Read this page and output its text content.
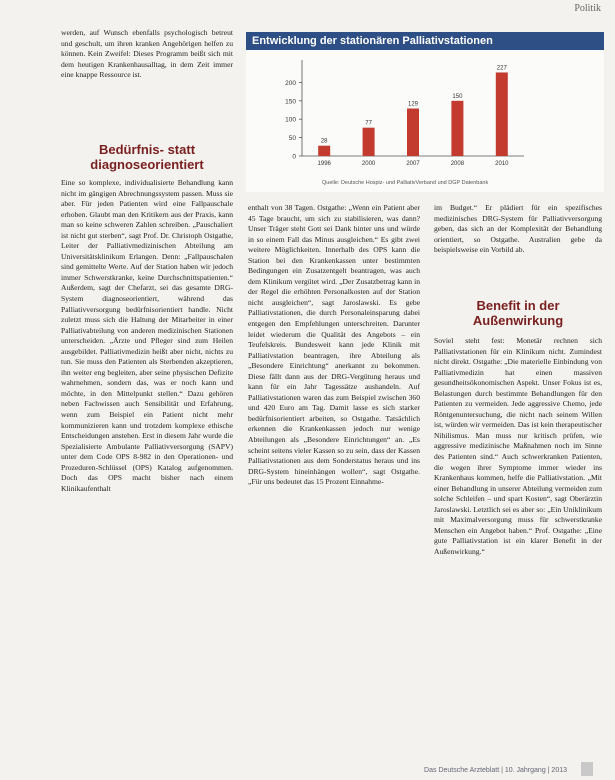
Politik

werden, auf Wunsch ebenfalls psychologisch betreut und geschult, um ihren kranken Angehörigen helfen zu können. Kein Zweifel: Dieses Programm beißt sich mit dem heutigen Krankenhausalltag, in dem Zeit immer eine knappe Ressource ist.

Bedürfnis- statt diagnoseorientiert

Eine so komplexe, individualisierte Behandlung kann nicht im gängigen Abrechnungssystem passen. Muss sie aber. Für jeden Patienten wird eine Fallpauschale erhoben. Glaubt man den Kritikern aus der Praxis, kann man so keine schweren Zahlen schreiben. „Pauschaliert ist nicht gut sterben“, sagt Prof. Dr. Christoph Ostgathe, Leiter der Palliativmedizinischen Abteilung am Universitätsklinikum Erlangen. Denn: „Fallpauschalen sind gemittelte Werte. Auf der Station haben wir jedoch immer Schwerstkranke, keine Durchschnittspatienten.“ Außerdem, sagt der Chefarzt, sei das gesamte DRG-System diagnoseorientiert, während das Palliativversorgung bedürfnisorientiert handle. Nicht zuletzt muss sich die Haltung der Mitarbeiter in einer Palliativabteilung von anderen medizinischen Stationen unterscheiden. „Ärzte und Pfleger sind zum Heilen ausgebildet. Palliativmedizin heißt aber nicht, nichts zu tun. Sie muss den Patienten als Sterbenden akzeptieren, ihn weiter eng begleiten, aber seine physischen Defizite wahrnehmen, sondern das, was er noch kann und möchte, in den Mittelpunkt stellen.“ Dazu gehören neben Fachwissen auch Sensibilität und Erfahrung, wenn zum Beispiel ein Patient nicht mehr kommunizieren kann und trotzdem komplexe ethische Entscheidungen anstehen. Erst in diesem Jahr wurde die Spezialisierte Ambulante Palliativversorgung (SAPV) unter dem Code OPS 8-982 in den Operationen- und Prozeduren-Schlüssel (OPS) Katalog aufgenommen. Doch das OPS macht bisher nach einem Klinikaufenthalt

Entwicklung der stationären Palliativstationen
0
50
100
150
200
28
1996
77
2000
129
2007
150
2008
227
2010
Quelle: Deutsche Hospiz- und PalliativVerband und DGP Datenbank

enthalt von 38 Tagen. Ostgathe: „Wenn ein Patient aber 45 Tage braucht, um sich zu stabilisieren, was dann? Unser Träger steht Gott sei Dank hinter uns und würde in so einem Fall das Minus ausgleichen.“ Es gibt zwei weitere Möglichkeiten. Innerhalb des OPS kann die Station bei den Krankenkassen unter bestimmten Bedingungen ein Zusatzentgelt beantragen, was auch dem Klinikum vergütet wird. „Der Zusatzbetrag kann in der Regel die erhöhten Personalkosten auf der Station nicht ausgleichen“, sagt Jaroslawski. Es gebe Palliativstationen, die durch Personaleinsparung dabei entgegen den Empfehlungen unterschreiten. Darunter leidet wiederum die Qualität des Angebots – ein Teufelskreis. Bundesweit kann jede Klinik mit Palliativstation beantragen, ihre Abteilung als „Besondere Einrichtung“ anerkannt zu bekommen. Diese fällt dann aus der DRG-Vergütung heraus und kann für ein Jahr Tagessätze aushandeln. Auf Palliativstationen waren das zum Beispiel zwischen 360 und 420 Euro am Tag. Damit lasse es sich starker bedürfnisorientiert arbeiten, so Ostgathe. Tatsächlich erkennen die Krankenkassen jedoch nur wenige Abteilungen als „Besondere Einrichtungen“ an. „Es scheint seitens vieler Kassen so zu sein, dass der Kassen Palliativstationen aus dem Sonderstatus heraus und ins DRG-System hineinhängen wollen“, sagt Ostgathe. „Für uns bedeutet das 15 Prozent Einnahme-

im Budget.“ Er plädiert für ein spezifisches medizinisches DRG-System für Palliativversorgung geben, das sich an der Komplexität der Behandlung orientiert, so Ostgathe. Australien gebe da beispielsweise ein Vorbild ab.

Benefit in der Außenwirkung

Soviel steht fest: Monetär rechnen sich Palliativstationen für ein Klinikum nicht. Zumindest nicht direkt. Ostgathe: „Die materielle Einbindung von Palliativmedizin hat einen massiven gesundheitsökonomischen Aspekt. Unser Fokus ist es, Belastungen durch bestimmte Behandlungen für den Patienten zu vermeiden. Jede aggressive Chemo, jede Röntgenuntersuchung, die nicht nach seinem Willen ist, würden wir vermeiden. Das ist kein therapeutischer Nihilismus. Man muss nur kritisch prüfen, wie aggressive medizinische Maßnahmen noch im Sinne des Patienten sind.“ Auch schwerkranken Patienten, die wegen ihrer Symptome immer wieder ins Krankenhaus kommen, helfe die Palliativstation. „Mit einer Behandlung in unserer Abteilung vermeiden zum solche Schleifen – und spart Kosten“, sagt Oberärztin Jaroslawski. Letztlich sei es aber so: „Ein Uniklinikum mit Maximalversorgung muss für schwerstkranke Menschen ein Angebot haben.“ Prof. Ostgathe: „Eine gute Palliativstation ist ein klarer Benefit in der Außenwirkung.“

Das Deutsche Arzteblatt | 10. Jahrgang | 2013
